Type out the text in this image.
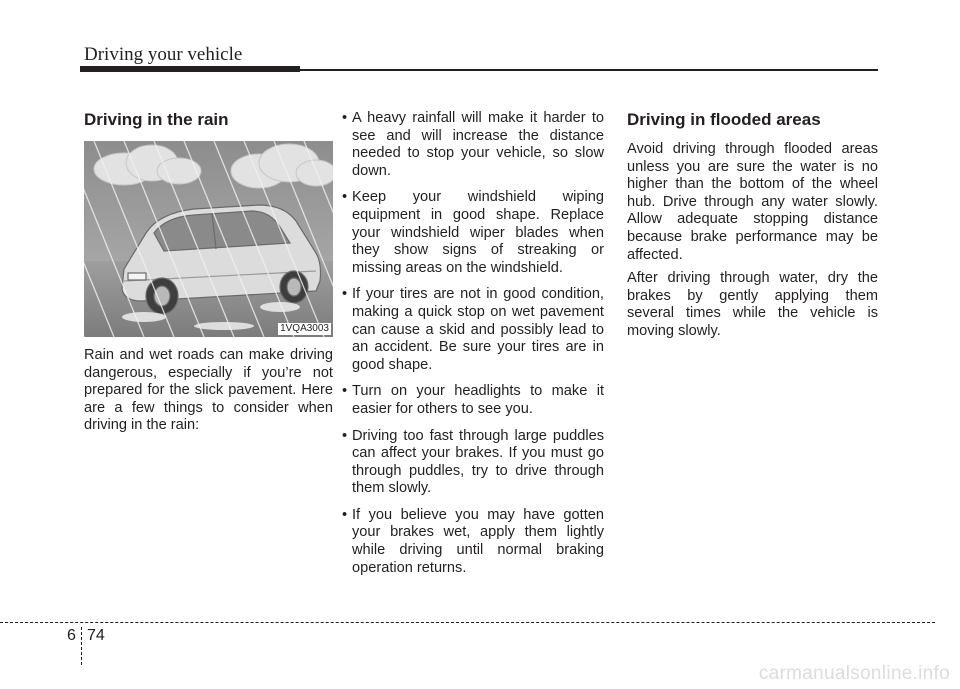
Driving your vehicle
Driving in the rain
1VQA3003

Rain and wet roads can make driving dangerous, especially if you’re not prepared for the slick pavement. Here are a few things to consider when driving in the rain:

• A heavy rainfall will make it harder to see and will increase the distance needed to stop your vehicle, so slow down.
• Keep your windshield wiping equipment in good shape. Replace your windshield wiper blades when they show signs of streaking or missing areas on the windshield.
• If your tires are not in good condition, making a quick stop on wet pavement can cause a skid and possibly lead to an accident. Be sure your tires are in good shape.
• Turn on your headlights to make it easier for others to see you.
• Driving too fast through large puddles can affect your brakes. If you must go through puddles, try to drive through them slowly.
• If you believe you may have gotten your brakes wet, apply them lightly while driving until normal braking operation returns.
Driving in flooded areas

Avoid driving through flooded areas unless you are sure the water is no higher than the bottom of the wheel hub. Drive through any water slowly. Allow adequate stopping distance because brake performance may be affected.

After driving through water, dry the brakes by gently applying them several times while the vehicle is moving slowly.

6 74
carmanualsonline.info
